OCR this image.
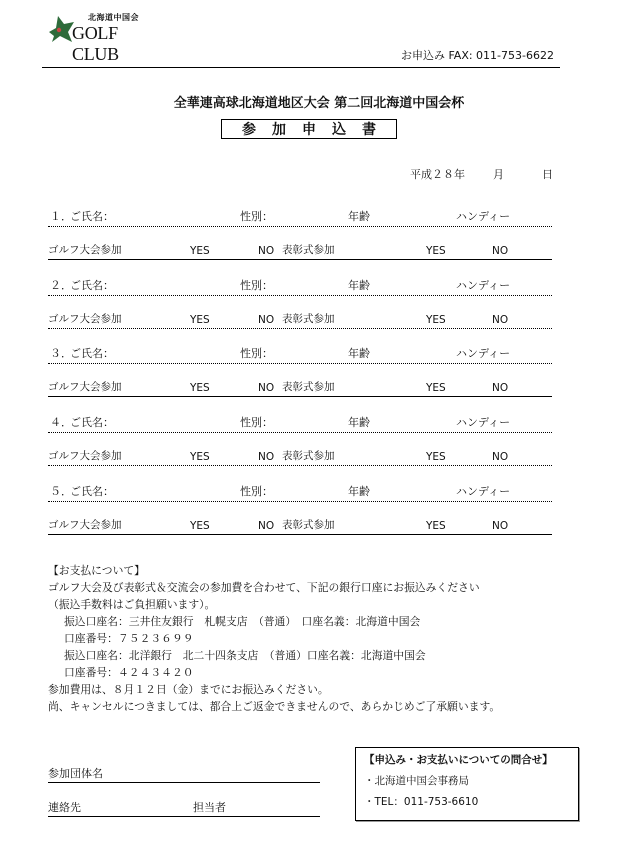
北海道中国会
GOLF CLUB	お申込み FAX: 011-753-6622
全華連高球北海道地区大会 第二回北海道中国会杯
参加申込書
平成２８年	月	日
１．
ご氏名：	性別：	年齢	ハンディー
ゴルフ大会参加	YES	NO 表彰式参加	YES	NO
２．
ご氏名：	性別：	年齢	ハンディー
ゴルフ大会参加	YES	NO 表彰式参加	YES	NO
３．
ご氏名：	性別：	年齢	ハンディー
ゴルフ大会参加	YES	NO 表彰式参加	YES	NO
４．
ご氏名：	性別：	年齢	ハンディー
ゴルフ大会参加	YES	NO 表彰式参加	YES	NO
５．
ご氏名：	性別：	年齢	ハンディー
ゴルフ大会参加	YES	NO 表彰式参加	YES	NO
【お支払について】
ゴルフ大会及び表彰式＆交流会の参加費を合わせて、下記の銀行口座にお振込みください
（振込手数料はご負担願います）。
振込口座名：三井住友銀行　札幌支店　（普通）　口座名義：北海道中国会
口座番号：７５２３６９９
振込口座名：北洋銀行　北二十四条支店　（普通）口座名義：北海道中国会
口座番号：４２４３４２０
参加費用は、８月１２日（金）までにお振込みください。
尚、キャンセルにつきましては、都合上ご返金できませんので、あらかじめご了承願います。
参加団体名
連絡先	担当者
【申込み・お支払いについての問合せ】
・北海道中国会事務局
・TEL：011-753-6610
